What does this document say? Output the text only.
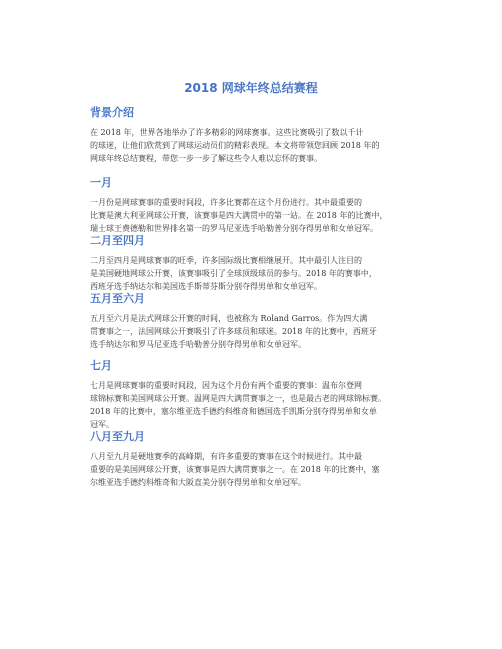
2018 网球年终总结赛程
背景介绍

在 2018 年，世界各地举办了许多精彩的网球赛事。这些比赛吸引了数以千计
的球迷，让他们欣赏到了网球运动员们的精彩表现。本文将带领您回顾 2018 年的
网球年终总结赛程，带您一步一步了解这些令人难以忘怀的赛事。

一月

一月份是网球赛事的重要时间段，许多比赛都在这个月份进行。其中最重要的
比赛是澳大利亚网球公开赛，该赛事是四大满贯中的第一站。在 2018 年的比赛中，
瑞士球王费德勒和世界排名第一的罗马尼亚选手哈勒普分别夺得男单和女单冠军。

二月至四月

二月至四月是网球赛事的旺季，许多国际级比赛相继展开。其中最引人注目的
是美国硬地网球公开赛，该赛事吸引了全球顶级球员的参与。2018 年的赛事中，
西班牙选手纳达尔和美国选手斯蒂芬斯分别夺得男单和女单冠军。

五月至六月

五月至六月是法式网球公开赛的时间，也被称为 Roland Garros。作为四大满
贯赛事之一，法国网球公开赛吸引了许多球员和球迷。2018 年的比赛中，西班牙
选手纳达尔和罗马尼亚选手哈勒普分别夺得男单和女单冠军。

七月

七月是网球赛事的重要时间段，因为这个月份有两个重要的赛事：温布尔登网
球锦标赛和美国网球公开赛。温网是四大满贯赛事之一，也是最古老的网球锦标赛。
2018 年的比赛中，塞尔维亚选手德约科维奇和德国选手凯斯分别夺得男单和女单
冠军。

八月至九月

八月至九月是硬地赛季的高峰期，有许多重要的赛事在这个时候进行。其中最
重要的是美国网球公开赛，该赛事是四大满贯赛事之一。在 2018 年的比赛中，塞
尔维亚选手德约科维奇和大阪直美分别夺得男单和女单冠军。
